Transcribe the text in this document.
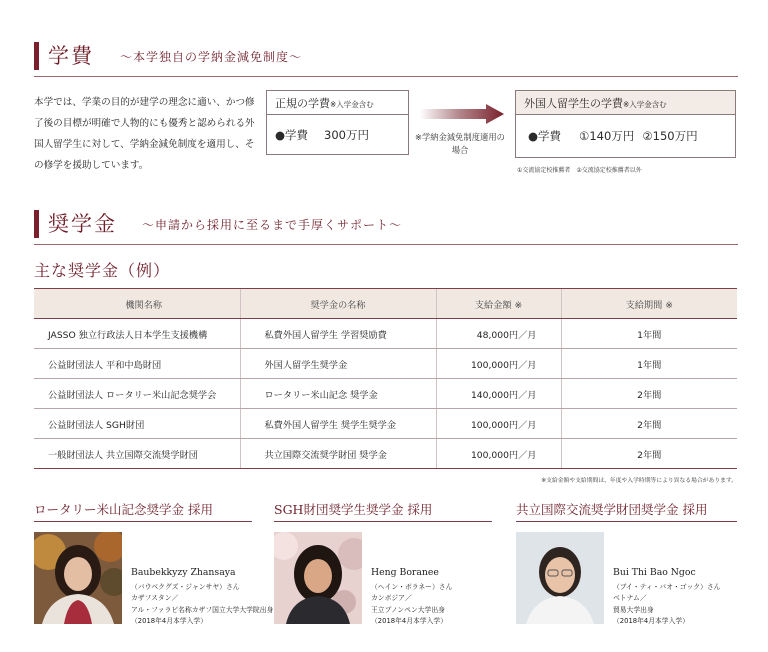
学費 〜本学独自の学納金減免制度〜

本学では、学業の目的が建学の理念に適い、かつ修了後の目標が明確で人物的にも優秀と認められる外国人留学生に対して、学納金減免制度を適用し、その修学を援助しています。

正規の学費※入学金含む
●学費 300万円	※学納金減免制度適用の場合
外国人留学生の学費※入学金含む
●学費 ①140万円 ②150万円
①交流協定校推薦者　②交流協定校推薦者以外
奨学金 〜申請から採用に至るまで手厚くサポート〜
主な奨学金（例）
機関名称	奨学金の名称	支給金額 ※	支給期間 ※
JASSO 独立行政法人日本学生支援機構	私費外国人留学生 学習奨励費	48,000円／月	1年間
公益財団法人 平和中島財団	外国人留学生奨学金	100,000円／月	1年間
公益財団法人 ロータリー米山記念奨学会	ロータリー米山記念 奨学金	140,000円／月	2年間
公益財団法人 SGH財団	私費外国人留学生 奨学生奨学金	100,000円／月	2年間
一般財団法人 共立国際交流奨学財団	共立国際交流奨学財団 奨学金	100,000円／月	2年間
※支給金額や支給期間は、年度や入学時期等により異なる場合があります。
ロータリー米山記念奨学金 採用
Baubekkyzy Zhansaya
（バウベクグズ・ジャンサヤ）さん
カザフスタン／
アル・ファラビ名称カザフ国立大学大学院出身
（2018年4月本学入学）
SGH財団奨学生奨学金 採用
Heng Boranee
（ヘイン・ボラネー）さん
カンボジア／
王立プノンペン大学出身
（2018年4月本学入学）
共立国際交流奨学財団奨学金 採用
Bui Thi Bao Ngoc
（ブイ・ティ・バオ・ゴック）さん
ベトナム／
貿易大学出身
（2018年4月本学入学）
